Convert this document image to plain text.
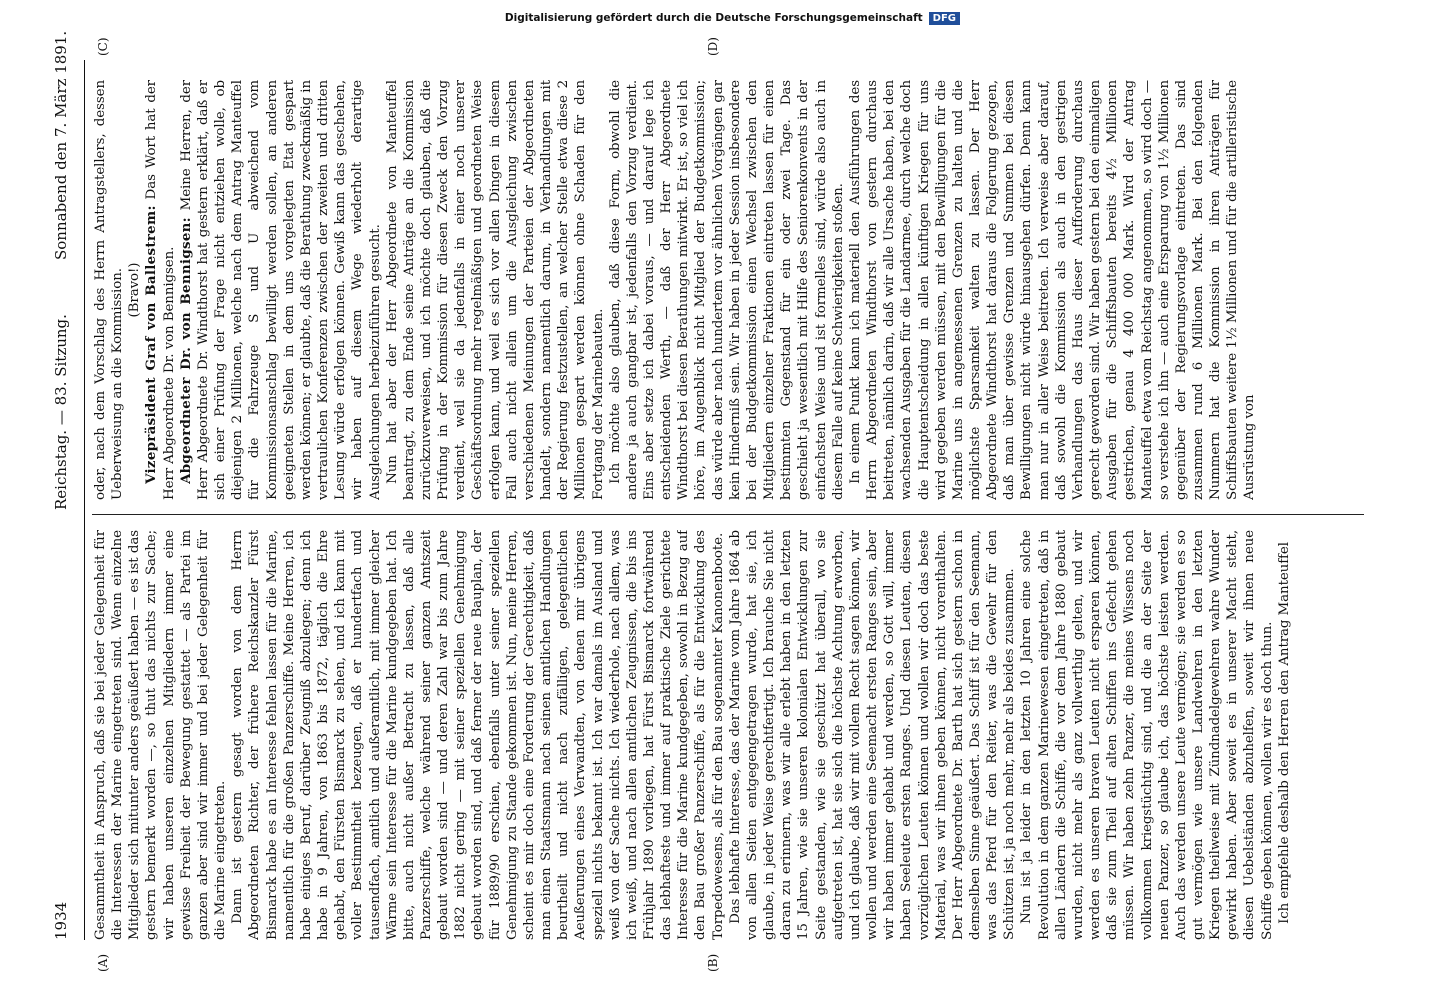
Digitalisierung gefördert durch die Deutsche Forschungsgemeinschaft DFG
1934
Reichstag. — 83. Sitzung.
Sonnabend den 7. März 1891.
(A)	(B)
(C)	(D)

Gesammtheit in Anspruch, daß sie bei jeder Gelegenheit für die Interessen der Marine eingetreten sind. Wenn einzelne Mitglieder sich mitunter anders geäußert haben — es ist das gestern bemerkt worden —, so thut das nichts zur Sache; wir haben unseren einzelnen Mitgliedern immer eine gewisse Freiheit der Bewegung gestattet — als Partei im ganzen aber sind wir immer und bei jeder Gelegenheit für die Marine eingetreten. Dann ist gestern gesagt worden von dem Herrn Abgeordneten Richter, der frühere Reichskanzler Fürst Bismarck habe es an Interesse fehlen lassen für die Marine, namentlich für die großen Panzerschiffe. Meine Herren, ich habe einiges Beruf, darüber Zeugniß abzulegen; denn ich habe in 9 Jahren, von 1863 bis 1872, täglich die Ehre gehabt, den Fürsten Bismarck zu sehen, und ich kann mit voller Bestimmtheit bezeugen, daß er hundertfach und tausendfach, amtlich und außeramtlich, mit immer gleicher Wärme sein Interesse für die Marine kundgegeben hat. Ich bitte, auch nicht außer Betracht zu lassen, daß alle Panzerschiffe, welche während seiner ganzen Amtszeit gebaut worden sind — und deren Zahl war bis zum Jahre 1882 nicht gering — mit seiner speziellen Genehmigung gebaut worden sind, und daß ferner der neue Bauplan, der für 1889/90 erschien, ebenfalls unter seiner speziellen Genehmigung zu Stande gekommen ist. Nun, meine Herren, scheint es mir doch eine Forderung der Gerechtigkeit, daß man einen Staatsmann nach seinen amtlichen Handlungen beurtheilt und nicht nach zufälligen, gelegentlichen Aeußerungen eines Verwandten, von denen mir übrigens speziell nichts bekannt ist. Ich war damals im Ausland und weiß von der Sache nichts. Ich wiederhole, nach allem, was ich weiß, und nach allen amtlichen Zeugnissen, die bis ins Frühjahr 1890 vorliegen, hat Fürst Bismarck fortwährend das lebhafteste und immer auf praktische Ziele gerichtete Interesse für die Marine kundgegeben, sowohl in Bezug auf den Bau großer Panzerschiffe, als für die Entwicklung des Torpedowesens, als für den Bau sogenannter Kanonenboote. Das lebhafte Interesse, das der Marine vom Jahre 1864 ab von allen Seiten entgegengetragen wurde, hat sie, ich glaube, in jeder Weise gerechtfertigt. Ich brauche Sie nicht daran zu erinnern, was wir alle erlebt haben in den letzten 15 Jahren, wie sie unseren kolonialen Entwicklungen zur Seite gestanden, wie sie geschützt hat überall, wo sie aufgetreten ist, hat sie sich die höchste Achtung erworben, und ich glaube, daß wir mit vollem Recht sagen können, wir wollen und werden eine Seemacht ersten Ranges sein, aber wir haben immer gehabt und werden, so Gott will, immer haben Seeleute ersten Ranges. Und diesen Leuten, diesen vorzüglichen Leuten können und wollen wir doch das beste Material, was wir ihnen geben können, nicht vorenthalten. Der Herr Abgeordnete Dr. Barth hat sich gestern schon in demselben Sinne geäußert. Das Schiff ist für den Seemann, was das Pferd für den Reiter, was die Gewehr für den Schützen ist, ja noch mehr, mehr als beides zusammen. Nun ist ja leider in den letzten 10 Jahren eine solche Revolution in dem ganzen Marinewesen eingetreten, daß in allen Ländern die Schiffe, die vor dem Jahre 1880 gebaut wurden, nicht mehr als ganz vollwerthig gelten, und wir werden es unseren braven Leuten nicht ersparen können, daß sie zum Theil auf alten Schiffen ins Gefecht gehen müssen. Wir haben zehn Panzer, die meines Wissens noch vollkommen kriegstüchtig sind, und die an der Seite der neuen Panzer, so glaube ich, das höchste leisten werden. Auch das werden unsere Leute vermögen; sie werden es so gut vermögen wie unsere Landwehren in den letzten Kriegen theilweise mit Zündnadelgewehren wahre Wunder gewirkt haben. Aber soweit es in unserer Macht steht, diesen Uebelständen abzuhelfen, soweit wir ihnen neue Schiffe geben können, wollen wir es doch thun. Ich empfehle deshalb den Herren den Antrag Manteuffel

oder, nach dem Vorschlag des Herrn Antragstellers, dessen Ueberweisung an die Kommission. (Bravo!) Vizepräsident Graf von Ballestrem: Das Wort hat der Herr Abgeordnete Dr. von Bennigsen. Abgeordneter Dr. von Bennigsen: Meine Herren, der Herr Abgeordnete Dr. Windthorst hat gestern erklärt, daß er sich einer Prüfung der Frage nicht entziehen wolle, ob diejenigen 2 Millionen, welche nach dem Antrag Manteuffel für die Fahrzeuge S und U abweichend vom Kommissionsanschlag bewilligt werden sollen, an anderen geeigneten Stellen in dem uns vorgelegten Etat gespart werden können; er glaubte, daß die Berathung zweckmäßig in vertraulichen Konferenzen zwischen der zweiten und dritten Lesung würde erfolgen können. Gewiß kann das geschehen, wir haben auf diesem Wege wiederholt derartige Ausgleichungen herbeizuführen gesucht. Nun hat aber der Herr Abgeordnete von Manteuffel beantragt, zu dem Ende seine Anträge an die Kommission zurückzuverweisen, und ich möchte doch glauben, daß die Prüfung in der Kommission für diesen Zweck den Vorzug verdient, weil sie da jedenfalls in einer noch unserer Geschäftsordnung mehr regelmäßigen und geordneten Weise erfolgen kann, und weil es sich vor allen Dingen in diesem Fall auch nicht allein um die Ausgleichung zwischen verschiedenen Meinungen der Parteien der Abgeordneten handelt, sondern namentlich darum, in Verhandlungen mit der Regierung festzustellen, an welcher Stelle etwa diese 2 Millionen gespart werden können ohne Schaden für den Fortgang der Marinebauten. Ich möchte also glauben, daß diese Form, obwohl die andere ja auch gangbar ist, jedenfalls den Vorzug verdient. Eins aber setze ich dabei voraus, — und darauf lege ich entscheidenden Werth, — daß der Herr Abgeordnete Windthorst bei diesen Berathungen mitwirkt. Er ist, so viel ich höre, im Augenblick nicht Mitglied der Budgetkommission; das würde aber nach hundertem vor ähnlichen Vorgängen gar kein Hinderniß sein. Wir haben in jeder Session insbesondere bei der Budgetkommission einen Wechsel zwischen den Mitgliedern einzelner Fraktionen eintreten lassen für einen bestimmten Gegenstand für ein oder zwei Tage. Das geschieht ja wesentlich mit Hilfe des Seniorenkonvents in der einfachsten Weise und ist formelles sind, würde also auch in diesem Falle auf keine Schwierigkeiten stoßen. In einem Punkt kann ich materiell den Ausführungen des Herrn Abgeordneten Windthorst von gestern durchaus beitreten, nämlich darin, daß wir alle Ursache haben, bei den wachsenden Ausgaben für die Landarmee, durch welche doch die Hauptentscheidung in allen künftigen Kriegen für uns wird gegeben werden müssen, mit den Bewilligungen für die Marine uns in angemessenen Grenzen zu halten und die möglichste Sparsamkeit walten zu lassen. Der Herr Abgeordnete Windthorst hat daraus die Folgerung gezogen, daß man über gewisse Grenzen und Summen bei diesen Bewilligungen nicht würde hinausgehen dürfen. Denn kann man nur in aller Weise beitreten. Ich verweise aber darauf, daß sowohl die Kommission als auch in den gestrigen Verhandlungen das Haus dieser Aufforderung durchaus gerecht geworden sind. Wir haben gestern bei den einmaligen Ausgaben für die Schiffsbauten bereits 4½ Millionen gestrichen, genau 4 400 000 Mark. Wird der Antrag Manteuffel etwa vom Reichstag angenommen, so wird doch — so verstehe ich ihn — auch eine Ersparung von 1½ Millionen gegenüber der Regierungsvorlage eintreten. Das sind zusammen rund 6 Millionen Mark. Bei den folgenden Nummern hat die Kommission in ihren Anträgen für Schiffsbauten weitere 1½ Millionen und für die artilleristische Ausrüstung von
